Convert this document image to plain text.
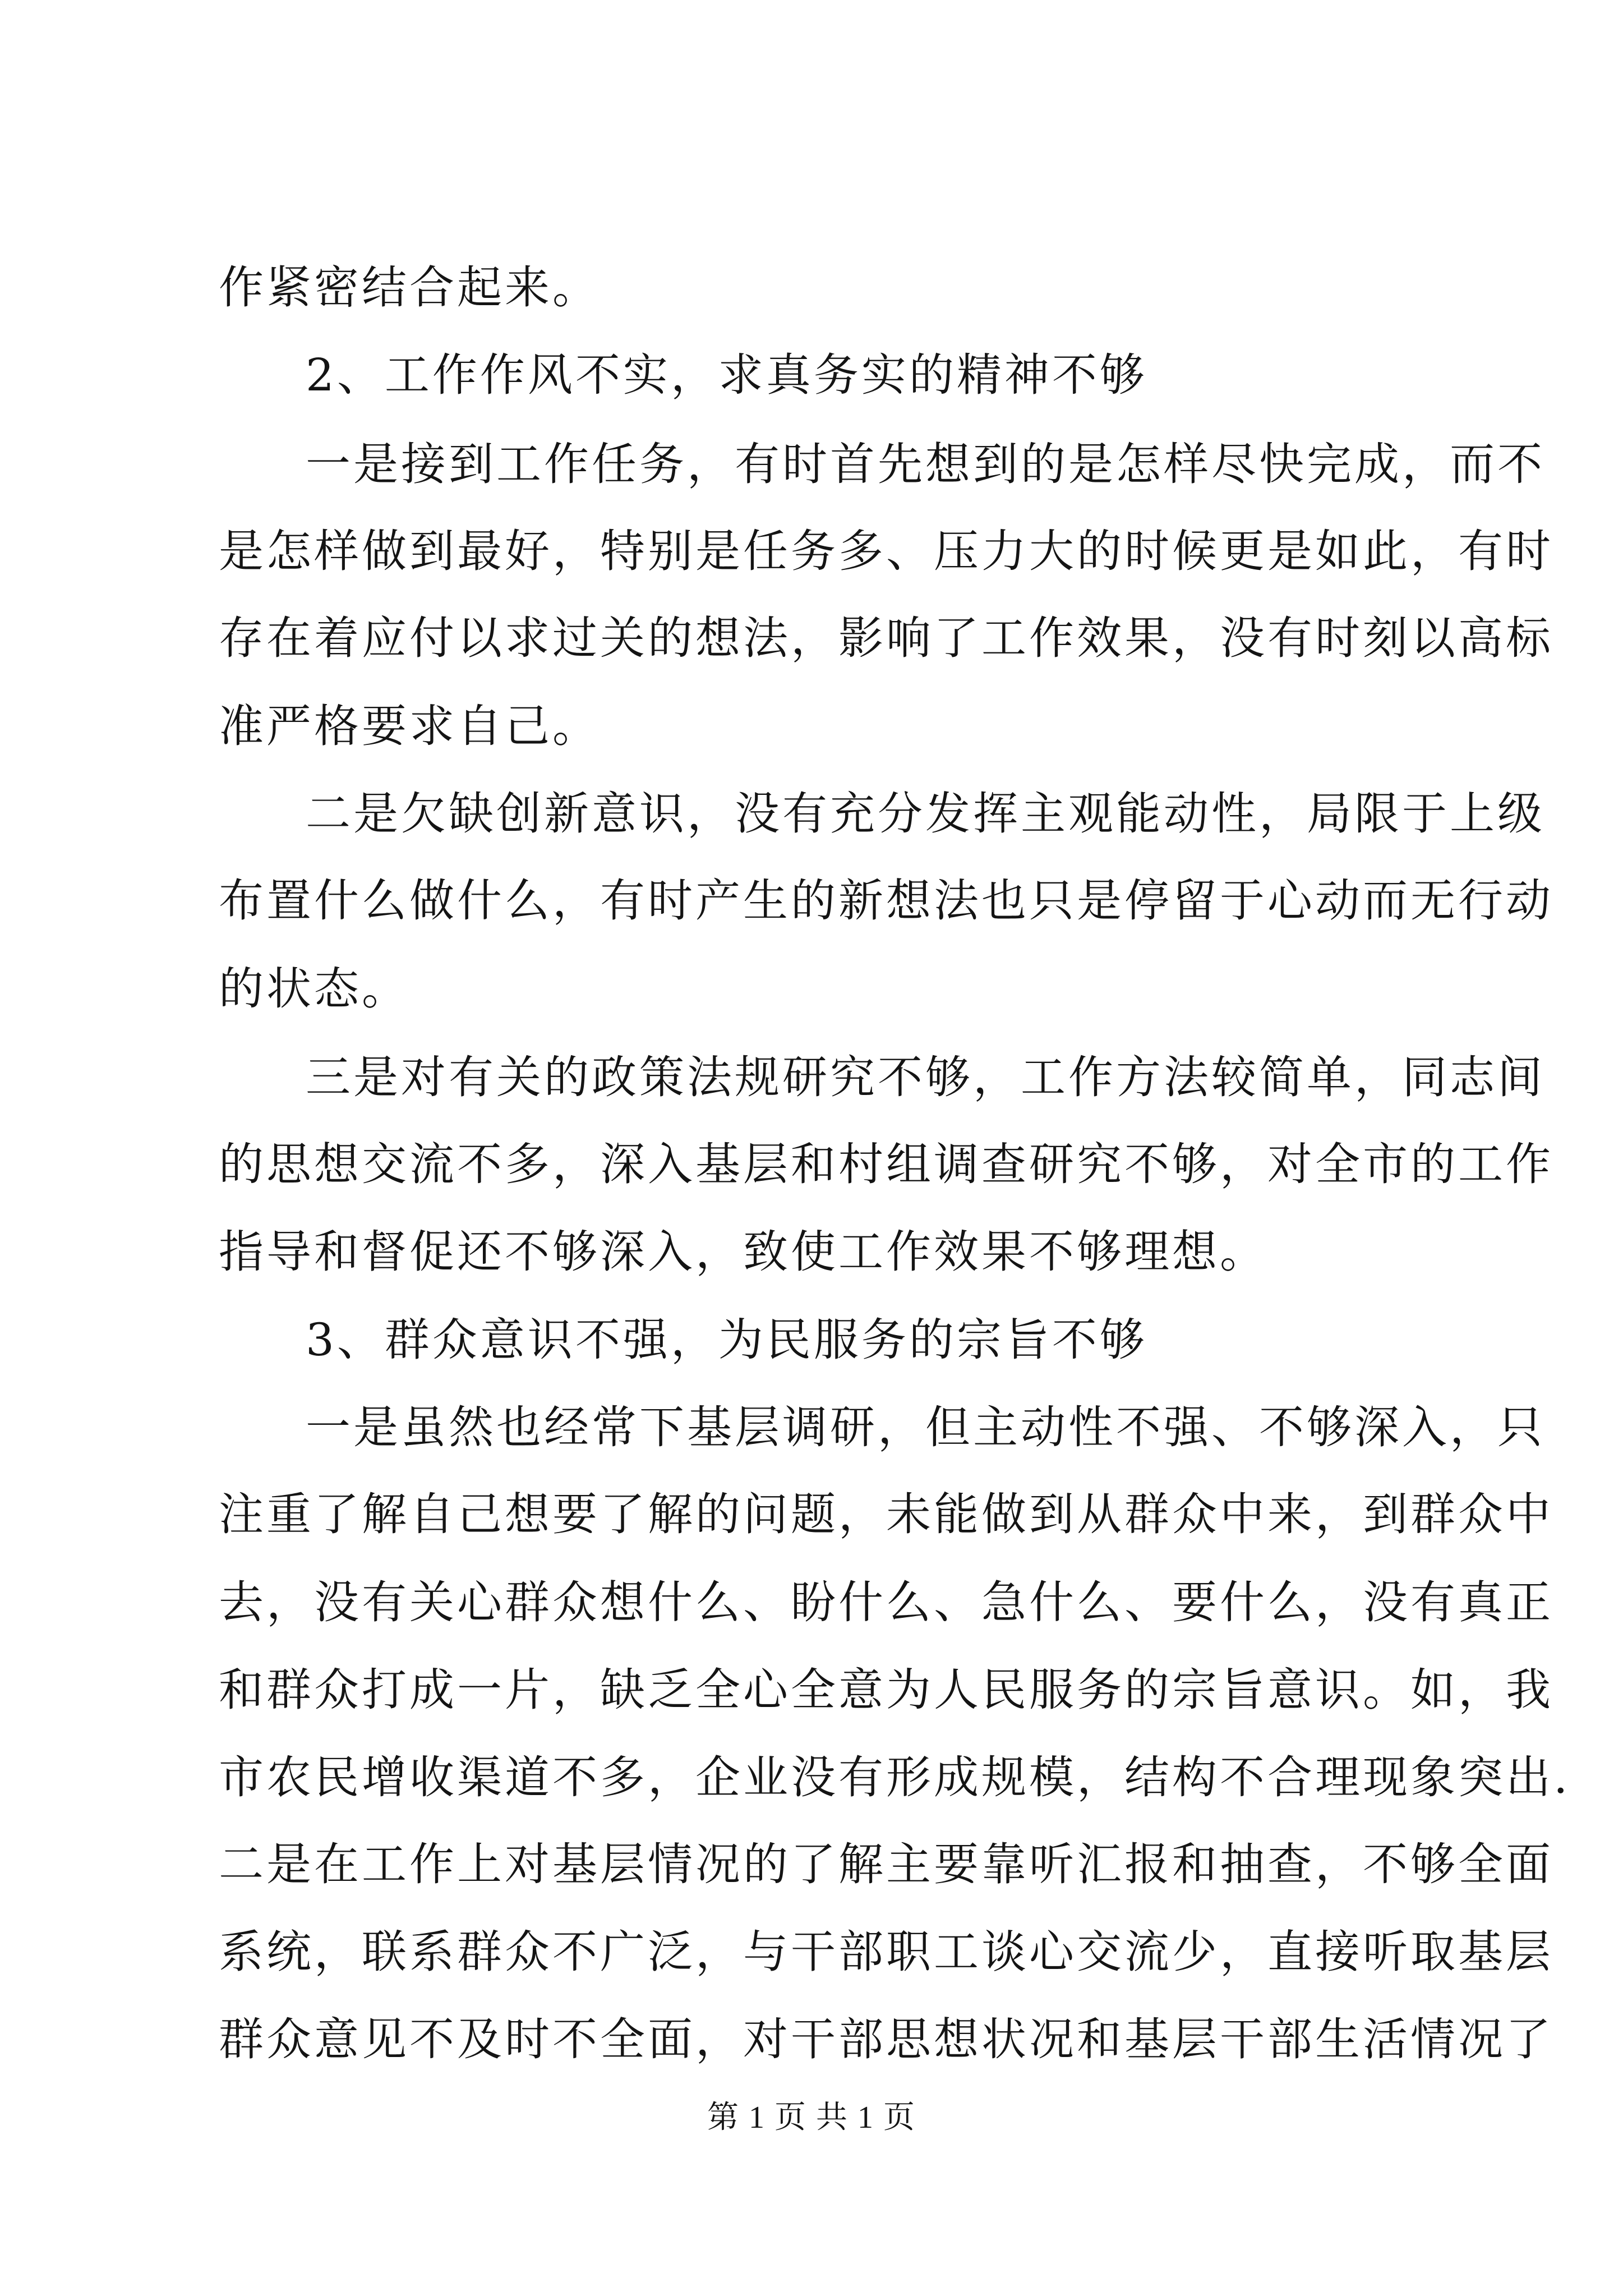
作紧密结合起来。
2、工作作风不实，求真务实的精神不够
一是接到工作任务，有时首先想到的是怎样尽快完成，而不
是怎样做到最好，特别是任务多、压力大的时候更是如此，有时
存在着应付以求过关的想法，影响了工作效果，没有时刻以高标
准严格要求自己。
二是欠缺创新意识，没有充分发挥主观能动性，局限于上级
布置什么做什么，有时产生的新想法也只是停留于心动而无行动
的状态。
三是对有关的政策法规研究不够，工作方法较简单，同志间
的思想交流不多，深入基层和村组调查研究不够，对全市的工作
指导和督促还不够深入，致使工作效果不够理想。
3、群众意识不强，为民服务的宗旨不够
一是虽然也经常下基层调研，但主动性不强、不够深入，只
注重了解自己想要了解的问题，未能做到从群众中来，到群众中
去，没有关心群众想什么、盼什么、急什么、要什么，没有真正
和群众打成一片，缺乏全心全意为人民服务的宗旨意识。如，我
市农民增收渠道不多，企业没有形成规模，结构不合理现象突出.
二是在工作上对基层情况的了解主要靠听汇报和抽查，不够全面
系统，联系群众不广泛，与干部职工谈心交流少，直接听取基层
群众意见不及时不全面，对干部思想状况和基层干部生活情况了
第 1 页 共 1 页
